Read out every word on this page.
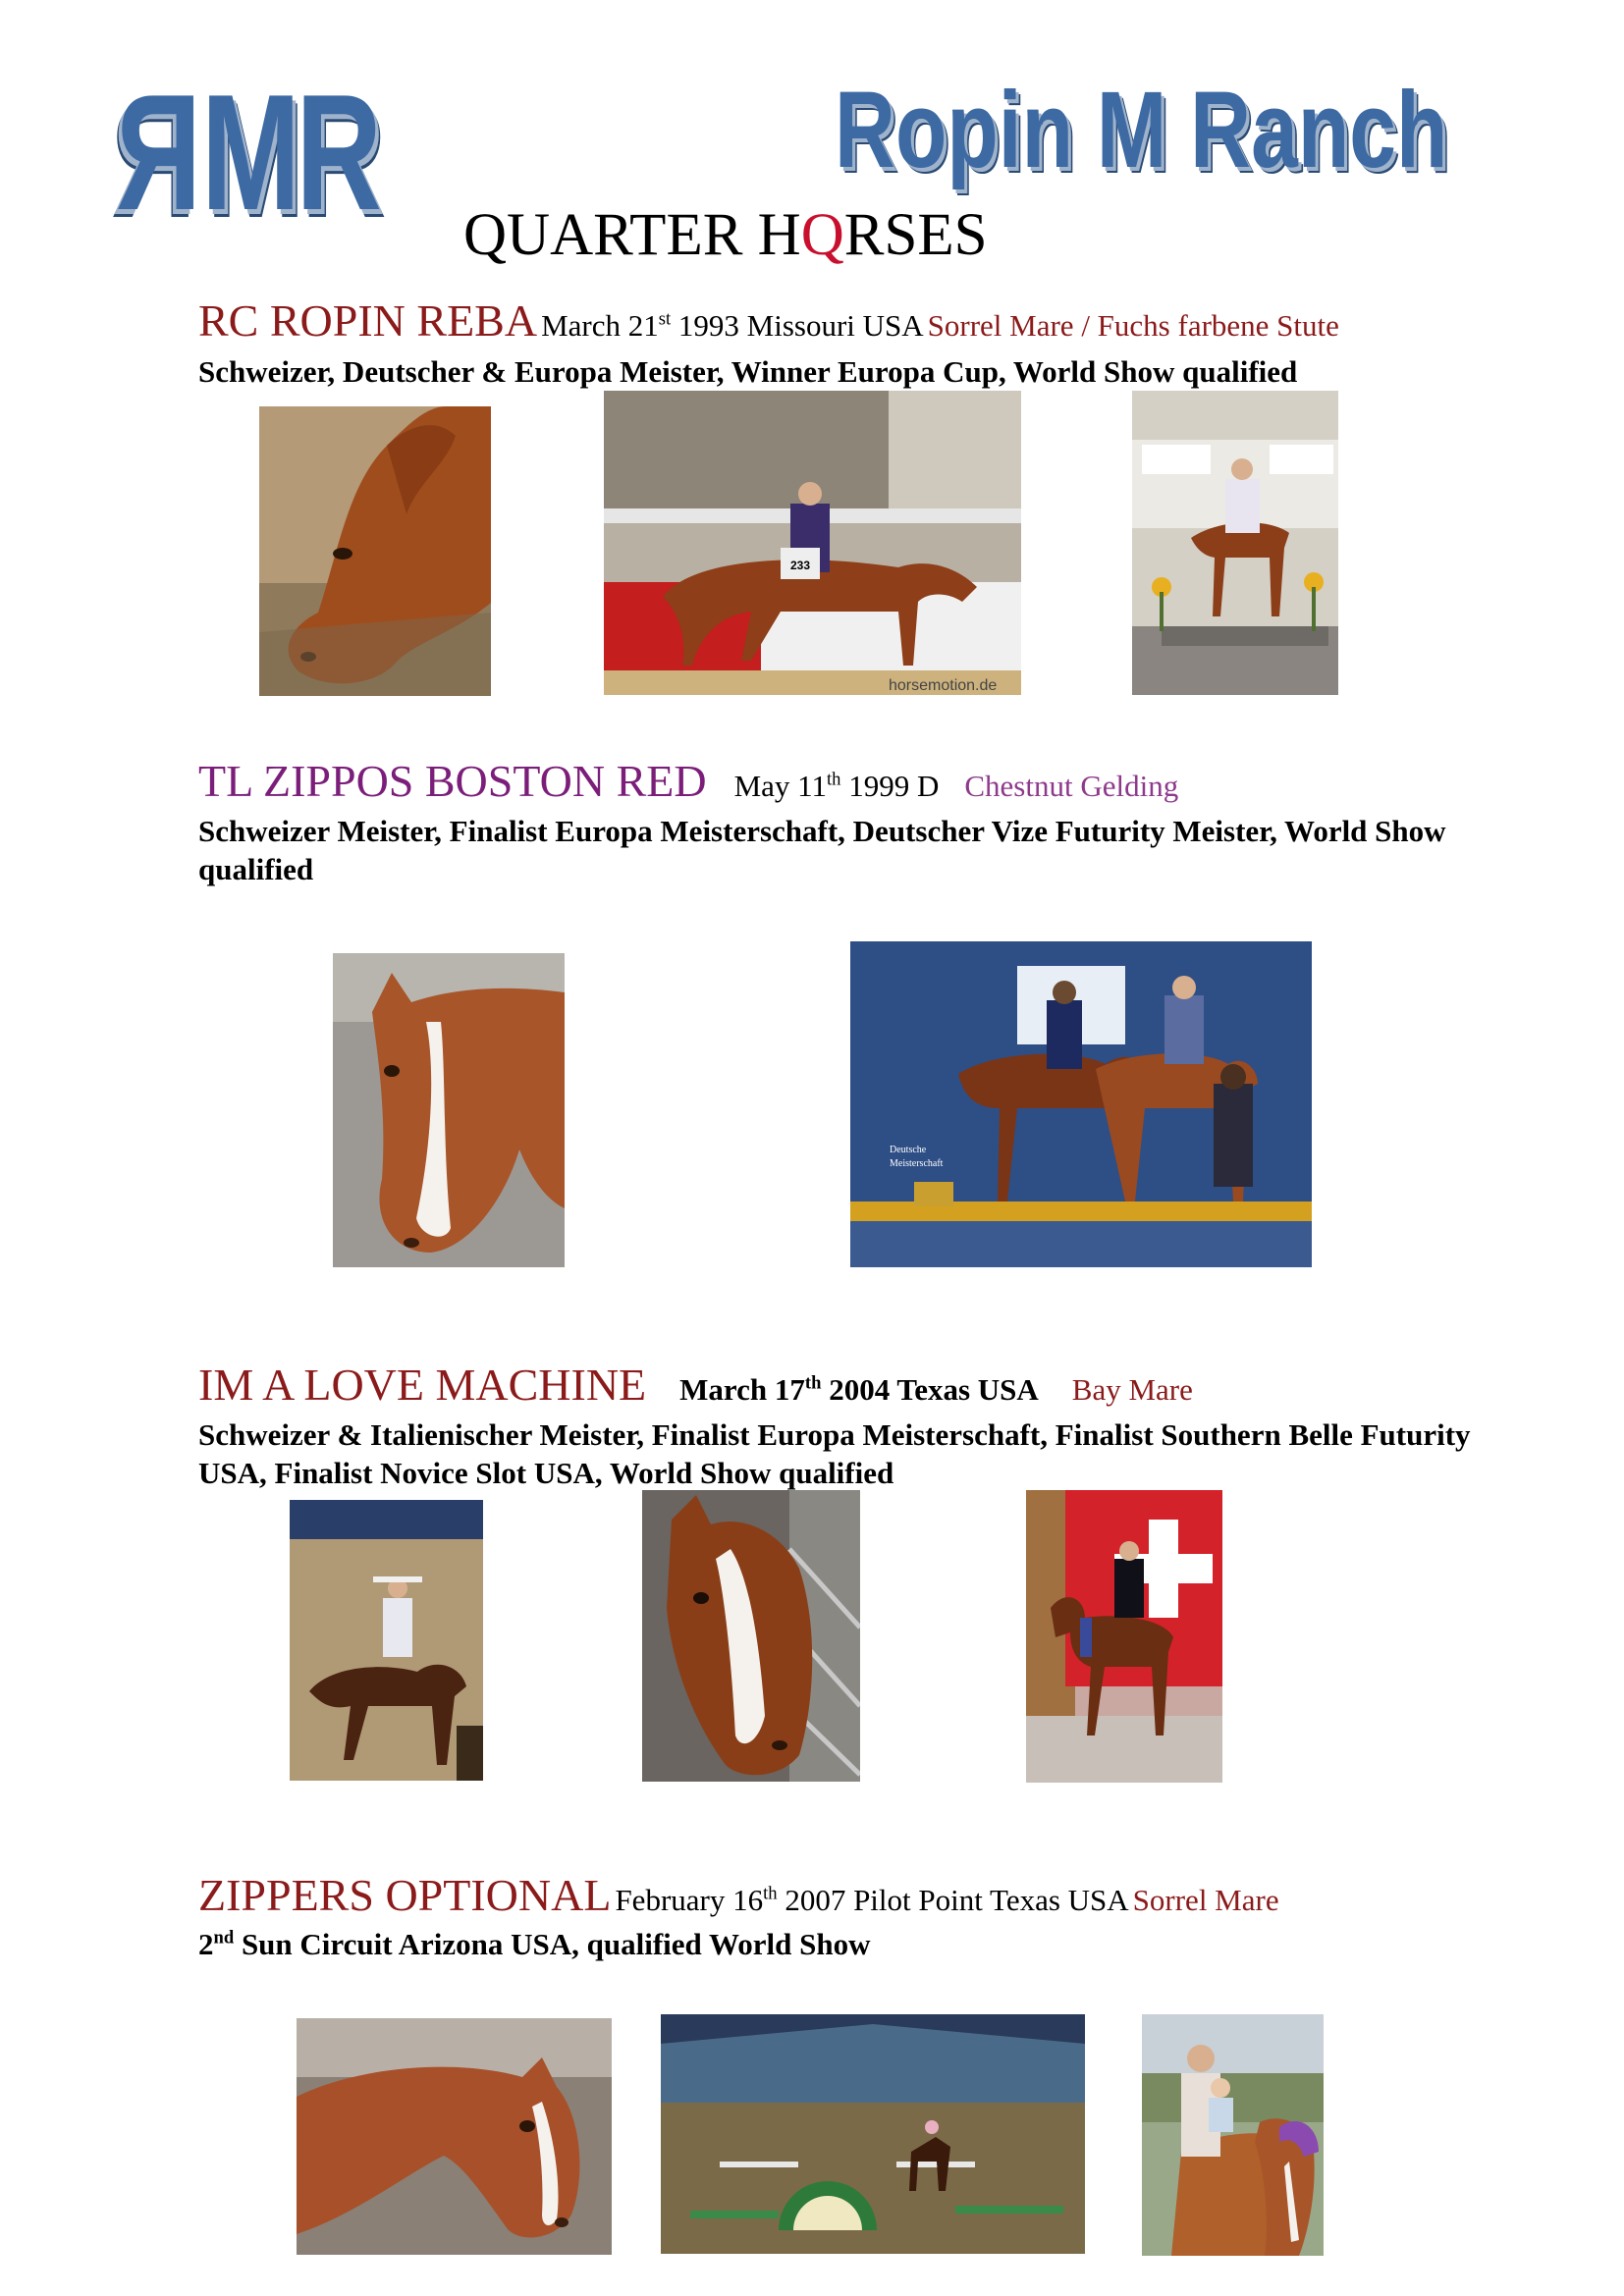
RMR	Ropin M Ranch
QUARTER HQRSES
RC ROPIN REBA March 21st 1993 Missouri USA Sorrel Mare / Fuchs farbene Stute
Schweizer, Deutscher & Europa Meister, Winner Europa Cup, World Show qualified
233
horsemotion.de
TL ZIPPOS BOSTON RED May 11th 1999 D Chestnut Gelding
Schweizer Meister, Finalist Europa Meisterschaft, Deutscher Vize Futurity Meister, World Show qualified
Deutsche
Meisterschaft
IM A LOVE MACHINE March 17th 2004 Texas USA Bay Mare
Schweizer & Italienischer Meister, Finalist Europa Meisterschaft, Finalist Southern Belle Futurity USA, Finalist Novice Slot USA, World Show qualified
ZIPPERS OPTIONAL February 16th 2007 Pilot Point Texas USA Sorrel Mare
2nd Sun Circuit Arizona USA, qualified World Show
